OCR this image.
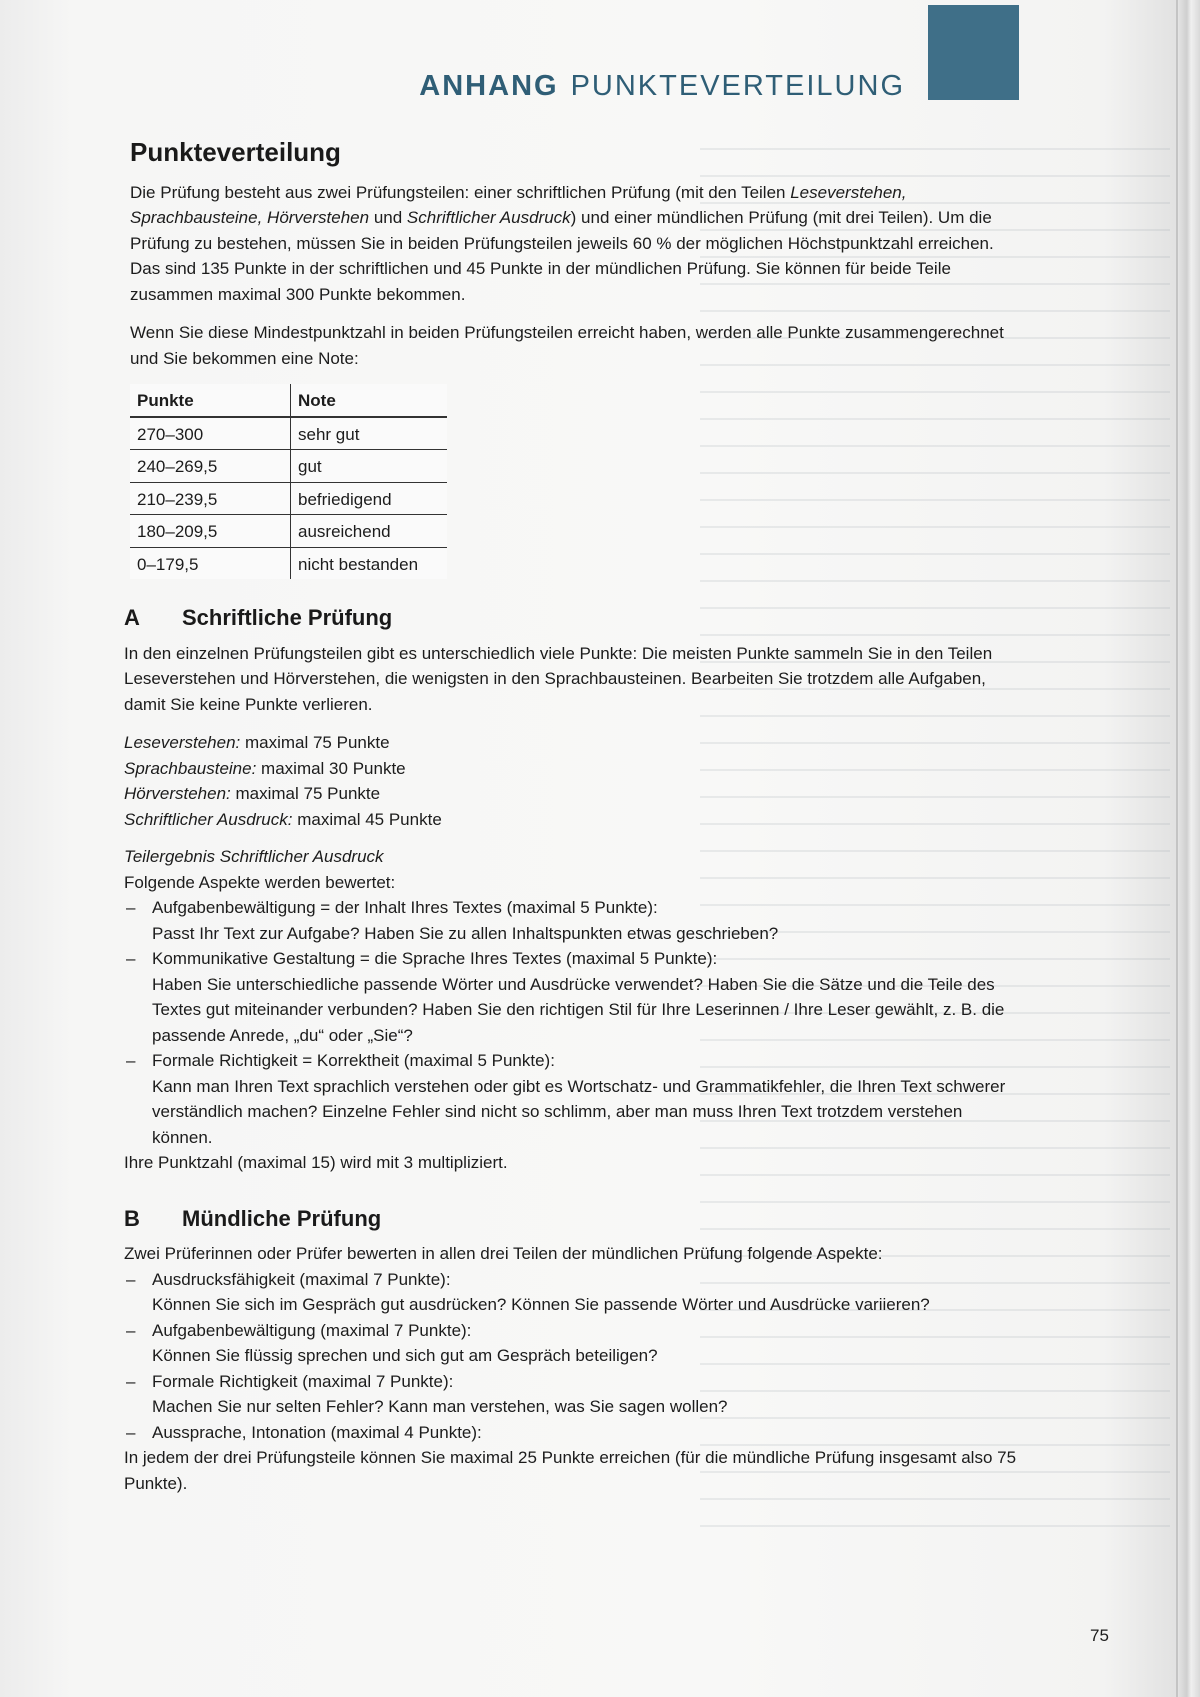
ANHANG PUNKTEVERTEILUNG
Punkteverteilung

Die Prüfung besteht aus zwei Prüfungsteilen: einer schriftlichen Prüfung (mit den Teilen Leseverstehen, Sprachbausteine, Hörverstehen und Schriftlicher Ausdruck) und einer mündlichen Prüfung (mit drei Teilen). Um die Prüfung zu bestehen, müssen Sie in beiden Prüfungsteilen jeweils 60 % der möglichen Höchstpunktzahl erreichen. Das sind 135 Punkte in der schriftlichen und 45 Punkte in der mündlichen Prüfung. Sie können für beide Teile zusammen maximal 300 Punkte bekommen.

Wenn Sie diese Mindestpunktzahl in beiden Prüfungsteilen erreicht haben, werden alle Punkte zusammengerechnet und Sie bekommen eine Note:

Punkte	Note
270–300	sehr gut
240–269,5	gut
210–239,5	befriedigend
180–209,5	ausreichend
0–179,5	nicht bestanden
A Schriftliche Prüfung

In den einzelnen Prüfungsteilen gibt es unterschiedlich viele Punkte: Die meisten Punkte sammeln Sie in den Teilen Leseverstehen und Hörverstehen, die wenigsten in den Sprachbausteinen. Bearbeiten Sie trotzdem alle Aufgaben, damit Sie keine Punkte verlieren.

Leseverstehen: maximal 75 Punkte
Sprachbausteine: maximal 30 Punkte
Hörverstehen: maximal 75 Punkte
Schriftlicher Ausdruck: maximal 45 Punkte
Teilergebnis Schriftlicher Ausdruck
Folgende Aspekte werden bewertet:
– Aufgabenbewältigung = der Inhalt Ihres Textes (maximal 5 Punkte):
Passt Ihr Text zur Aufgabe? Haben Sie zu allen Inhaltspunkten etwas geschrieben?
– Kommunikative Gestaltung = die Sprache Ihres Textes (maximal 5 Punkte):
Haben Sie unterschiedliche passende Wörter und Ausdrücke verwendet? Haben Sie die Sätze und die Teile des Textes gut miteinander verbunden? Haben Sie den richtigen Stil für Ihre Leserinnen / Ihre Leser gewählt, z. B. die passende Anrede, „du“ oder „Sie“?
– Formale Richtigkeit = Korrektheit (maximal 5 Punkte):
Kann man Ihren Text sprachlich verstehen oder gibt es Wortschatz- und Grammatikfehler, die Ihren Text schwerer verständlich machen? Einzelne Fehler sind nicht so schlimm, aber man muss Ihren Text trotzdem verstehen können.
Ihre Punktzahl (maximal 15) wird mit 3 multipliziert.
B Mündliche Prüfung
Zwei Prüferinnen oder Prüfer bewerten in allen drei Teilen der mündlichen Prüfung folgende Aspekte:
– Ausdrucksfähigkeit (maximal 7 Punkte):
Können Sie sich im Gespräch gut ausdrücken? Können Sie passende Wörter und Ausdrücke variieren?
– Aufgabenbewältigung (maximal 7 Punkte):
Können Sie flüssig sprechen und sich gut am Gespräch beteiligen?
– Formale Richtigkeit (maximal 7 Punkte):
Machen Sie nur selten Fehler? Kann man verstehen, was Sie sagen wollen?
– Aussprache, Intonation (maximal 4 Punkte):
In jedem der drei Prüfungsteile können Sie maximal 25 Punkte erreichen (für die mündliche Prüfung insgesamt also 75 Punkte).
75
